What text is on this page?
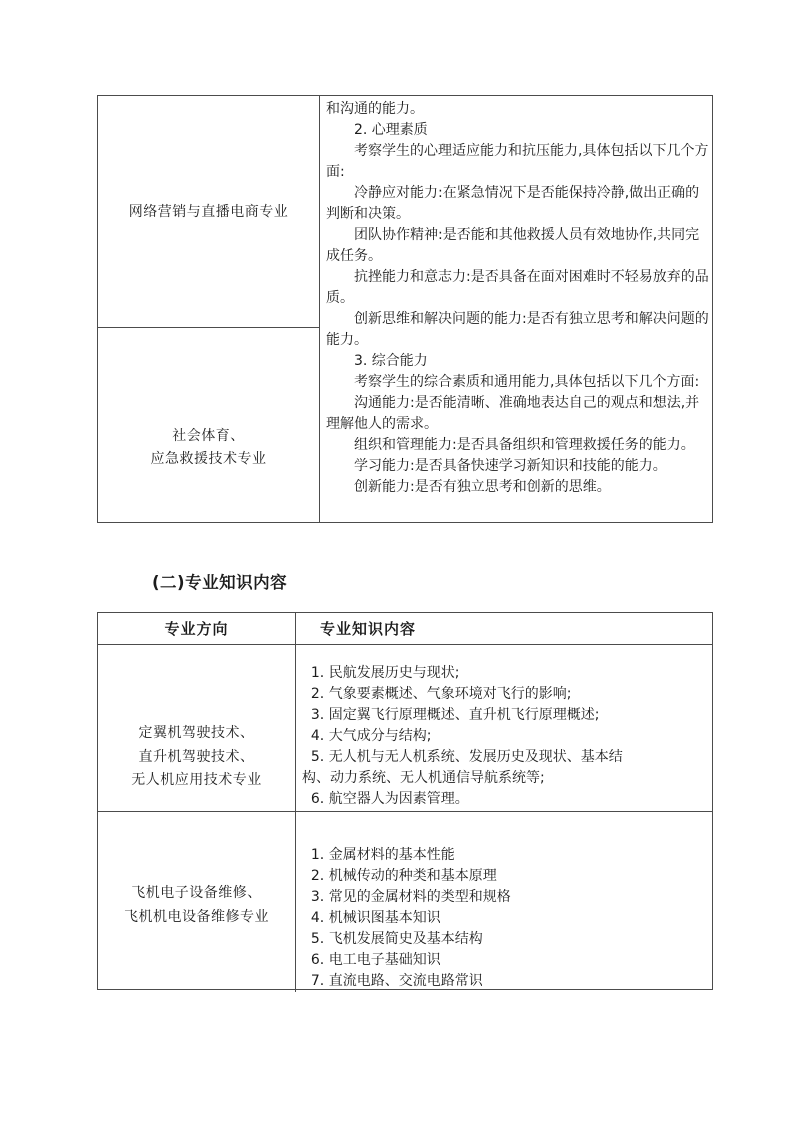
网络营销与直播电商专业
社会体育、
应急救援技术专业
和沟通的能力。
　　2. 心理素质
　　考察学生的心理适应能力和抗压能力,具体包括以下几个方
面:
　　冷静应对能力:在紧急情况下是否能保持冷静,做出正确的
判断和决策。
　　团队协作精神:是否能和其他救援人员有效地协作,共同完
成任务。
　　抗挫能力和意志力:是否具备在面对困难时不轻易放弃的品
质。
　　创新思维和解决问题的能力:是否有独立思考和解决问题的
能力。
　　3. 综合能力
　　考察学生的综合素质和通用能力,具体包括以下几个方面:
　　沟通能力:是否能清晰、准确地表达自己的观点和想法,并
理解他人的需求。
　　组织和管理能力:是否具备组织和管理救援任务的能力。
　　学习能力:是否具备快速学习新知识和技能的能力。
　　创新能力:是否有独立思考和创新的思维。
(二)专业知识内容
专业方向	专业知识内容
定翼机驾驶技术、
直升机驾驶技术、
无人机应用技术专业
1. 民航发展历史与现状;
2. 气象要素概述、气象环境对飞行的影响;
3. 固定翼飞行原理概述、直升机飞行原理概述;
4. 大气成分与结构;
5. 无人机与无人机系统、发展历史及现状、基本结
构、动力系统、无人机通信导航系统等;
6. 航空器人为因素管理。
飞机电子设备维修、
飞机机电设备维修专业
1. 金属材料的基本性能
2. 机械传动的种类和基本原理
3. 常见的金属材料的类型和规格
4. 机械识图基本知识
5. 飞机发展简史及基本结构
6. 电工电子基础知识
7. 直流电路、交流电路常识
